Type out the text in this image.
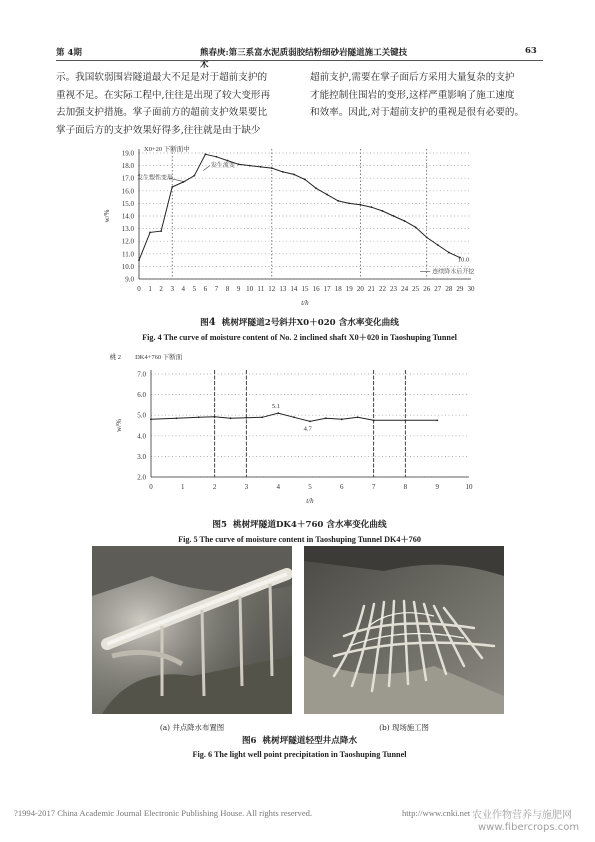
第 4期	熊春庚:第三系富水泥质弱胶结粉细砂岩隧道施工关键技术
63
示。我国软弱围岩隧道最大不足是对于超前支护的
重视不足。在实际工程中,往往是出现了较大变形再
去加强支护措施。掌子面前方的超前支护效果要比
掌子面后方的支护效果好得多,往往就是由于缺少
超前支护,需要在掌子面后方采用大量复杂的支护
才能控制住围岩的变形,这样严重影响了施工速度
和效率。因此,对于超前支护的重视是很有必要的。
9.0
10.0
11.0
12.0
13.0
14.0
15.0
16.0
17.0
18.0
19.0
0 1 2 3 4 5 6 7 8 9 10 11 12 13 14 15 16 17 18 19 20 21 22 23 24 25 26 27 28 29 30
t/h
w/%
X0+20 下断面中
发生塑性变形
发生流变
10.0
连续降水后开挖
图4 桃树坪隧道2号斜井X0＋020 含水率变化曲线
Fig. 4 The curve of moisture content of No. 2 inclined shaft X0＋020 in Taoshuping Tunnel
2.0
3.0
4.0
5.0
6.0
7.0
0	1	2	3	4	5	6	7	8	9	10
t/h
w/%
桃 2 DK4+760 下断面
5.1
4.7
图5 桃树坪隧道DK4＋760 含水率变化曲线
Fig. 5 The curve of moisture content in Taoshuping Tunnel DK4＋760
(a) 井点降水布置图	(b) 现场施工图
图6 桃树坪隧道轻型井点降水
Fig. 6 The light well point precipitation in Taoshuping Tunnel
?1994-2017 China Academic Journal Electronic Publishing House. All rights reserved.	http://www.cnki.net 农业作物营养与施肥网
www.fibercrops.com
